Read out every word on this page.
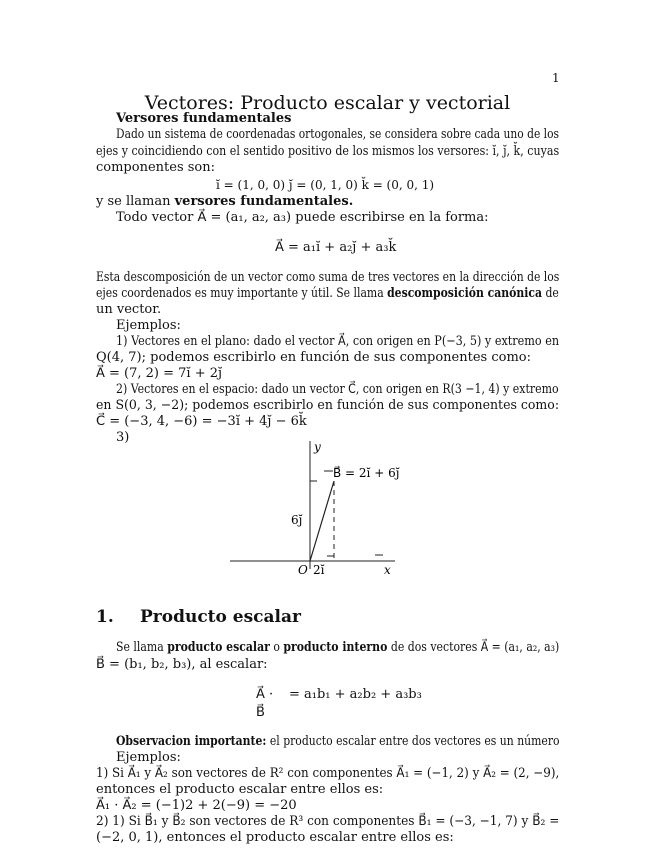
1
Vectores: Producto escalar y vectorial
Versores fundamentales
Dado un sistema de coordenadas ortogonales, se considera sobre cada uno de los
ejes y coincidiendo con el sentido positivo de los mismos los versores: ı̆, ȷ̆, k̆, cuyas
componentes son:
ı̆ = (1, 0, 0) ȷ̆ = (0, 1, 0) k̆ = (0, 0, 1)
y se llaman versores fundamentales.
Todo vector A⃗ = (a₁, a₂, a₃) puede escribirse en la forma:
A⃗ = a₁ı̆ + a₂ȷ̆ + a₃k̆
Esta descomposición de un vector como suma de tres vectores en la dirección de los
ejes coordenados es muy importante y útil. Se llama descomposición canónica de
un vector.
Ejemplos:
1) Vectores en el plano: dado el vector A⃗, con origen en P(−3, 5) y extremo en
Q(4, 7); podemos escribirlo en función de sus componentes como:
A⃗ = (7, 2) = 7ı̆ + 2ȷ̆
2) Vectores en el espacio: dado un vector C⃗, con origen en R(3 −1, 4) y extremo
en S(0, 3, −2); podemos escribirlo en función de sus componentes como:
C⃗ = (−3, 4, −6) = −3ı̆ + 4ȷ̆ − 6k̆
3)
y
B⃗ = 2ı̆ + 6ȷ̆
6ȷ̆
O 2ı̆	x
1. Producto escalar
Se llama producto escalar o producto interno de dos vectores A⃗ = (a₁, a₂, a₃)
B⃗ = (b₁, b₂, b₃), al escalar:
A⃗ ·
B⃗
= a₁b₁ + a₂b₂ + a₃b₃
Observacion importante: el producto escalar entre dos vectores es un número
Ejemplos:
1) Si A⃗₁ y A⃗₂ son vectores de R² con componentes A⃗₁ = (−1, 2) y A⃗₂ = (2, −9),
entonces el producto escalar entre ellos es:
A⃗₁ · A⃗₂ = (−1)2 + 2(−9) = −20
2) 1) Si B⃗₁ y B⃗₂ son vectores de R³ con componentes B⃗₁ = (−3, −1, 7) y B⃗₂ =
(−2, 0, 1), entonces el producto escalar entre ellos es:
